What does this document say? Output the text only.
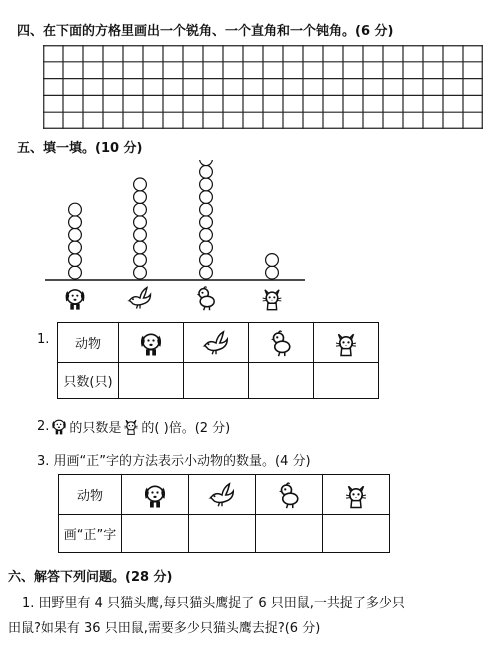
四、在下面的方格里画出一个锐角、一个直角和一个钝角。(6 分)
五、填一填。(10 分)
1. 动物				
只数(只)				
2. 的只数是 的( )倍。(2 分)
3. 用画“正”字的方法表示小动物的数量。(4 分)
动物				
画“正”字				
六、解答下列问题。(28 分)
1. 田野里有 4 只猫头鹰,每只猫头鹰捉了 6 只田鼠,一共捉了多少只
田鼠?如果有 36 只田鼠,需要多少只猫头鹰去捉?(6 分)
